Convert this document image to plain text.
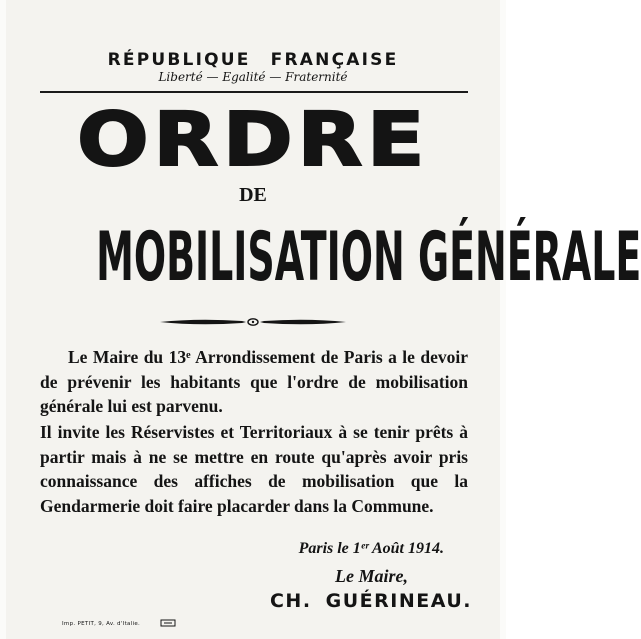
RÉPUBLIQUE FRANÇAISE
Liberté — Egalité — Fraternité
ORDRE
DE
MOBILISATION GÉNÉRALE

Le Maire du 13ᵉ Arrondissement de Paris a le devoir de prévenir les habitants que l'ordre de mobilisation générale lui est parvenu.

Il invite les Réservistes et Territoriaux à se tenir prêts à partir mais à ne se mettre en route qu'après avoir pris connaissance des affiches de mobilisation que la Gendarmerie doit faire placarder dans la Commune.

Paris le 1ᵉʳ Août 1914.
Le Maire,
CH. GUÉRINEAU.
Imp. PETIT, 9, Av. d'Italie.
